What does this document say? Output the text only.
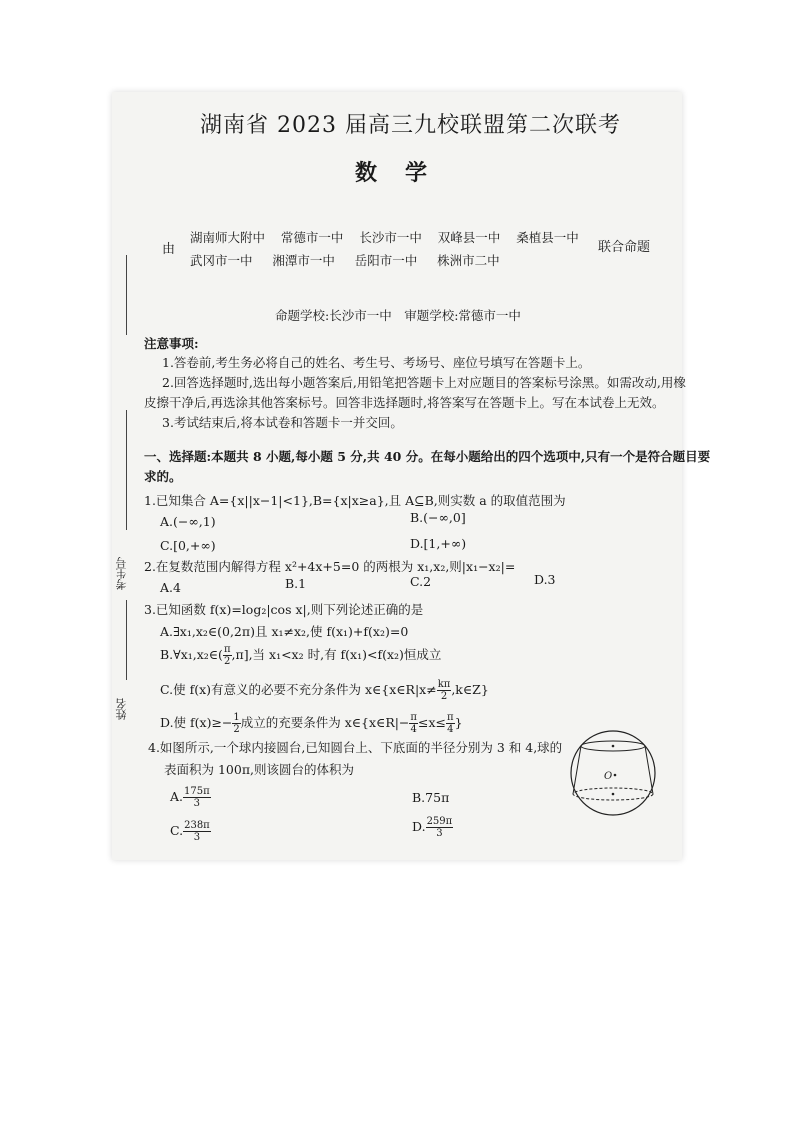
湖南省 2023 届高三九校联盟第二次联考
数学
由
湖南师大附中 常德市一中 长沙市一中 双峰县一中 桑植县一中
武冈市一中 湘潭市一中 岳阳市一中 株洲市二中
联合命题
命题学校:长沙市一中　审题学校:常德市一中
考生号
姓名
注意事项:
1.答卷前,考生务必将自己的姓名、考生号、考场号、座位号填写在答题卡上。
2.回答选择题时,选出每小题答案后,用铅笔把答题卡上对应题目的答案标号涂黑。如需改动,用橡
皮擦干净后,再选涂其他答案标号。回答非选择题时,将答案写在答题卡上。写在本试卷上无效。
3.考试结束后,将本试卷和答题卡一并交回。
一、选择题:本题共 8 小题,每小题 5 分,共 40 分。在每小题给出的四个选项中,只有一个是符合题目要
求的。
1.已知集合 A={x||x−1|<1},B={x|x≥a},且 A⊆B,则实数 a 的取值范围为
A.(−∞,1)	B.(−∞,0]
C.[0,+∞)	D.[1,+∞)
2.在复数范围内解得方程 x²+4x+5=0 的两根为 x₁,x₂,则|x₁−x₂|=
A.4	B.1	C.2	D.3
3.已知函数 f(x)=log₂|cos x|,则下列论述正确的是
A.∃x₁,x₂∈(0,2π)且 x₁≠x₂,使 f(x₁)+f(x₂)=0
B.∀x₁,x₂∈( $\frac{\pi}{2} ,\pi$],当 x₁<x₂ 时,有 f(x₁)<f(x₂)恒成立
C.使 f(x)有意义的必要不充分条件为 x∈{x∈R|x≠ $\frac{k\pi}{2}$ ,k∈Z}
D.使 $f(x)\ge- \frac{1}{2}$ 成立的充要条件为 x∈{x∈R|− $\frac{\pi}{4} \le x\le \frac{\pi}{4}$ }
4.如图所示,一个球内接圆台,已知圆台上、下底面的半径分别为 3 和 4,球的
表面积为 100π,则该圆台的体积为
A. $\frac{175\pi}{3}$	B.75π
C. $\frac{238\pi}{3}$	D. $\frac{259\pi}{3}$
O
